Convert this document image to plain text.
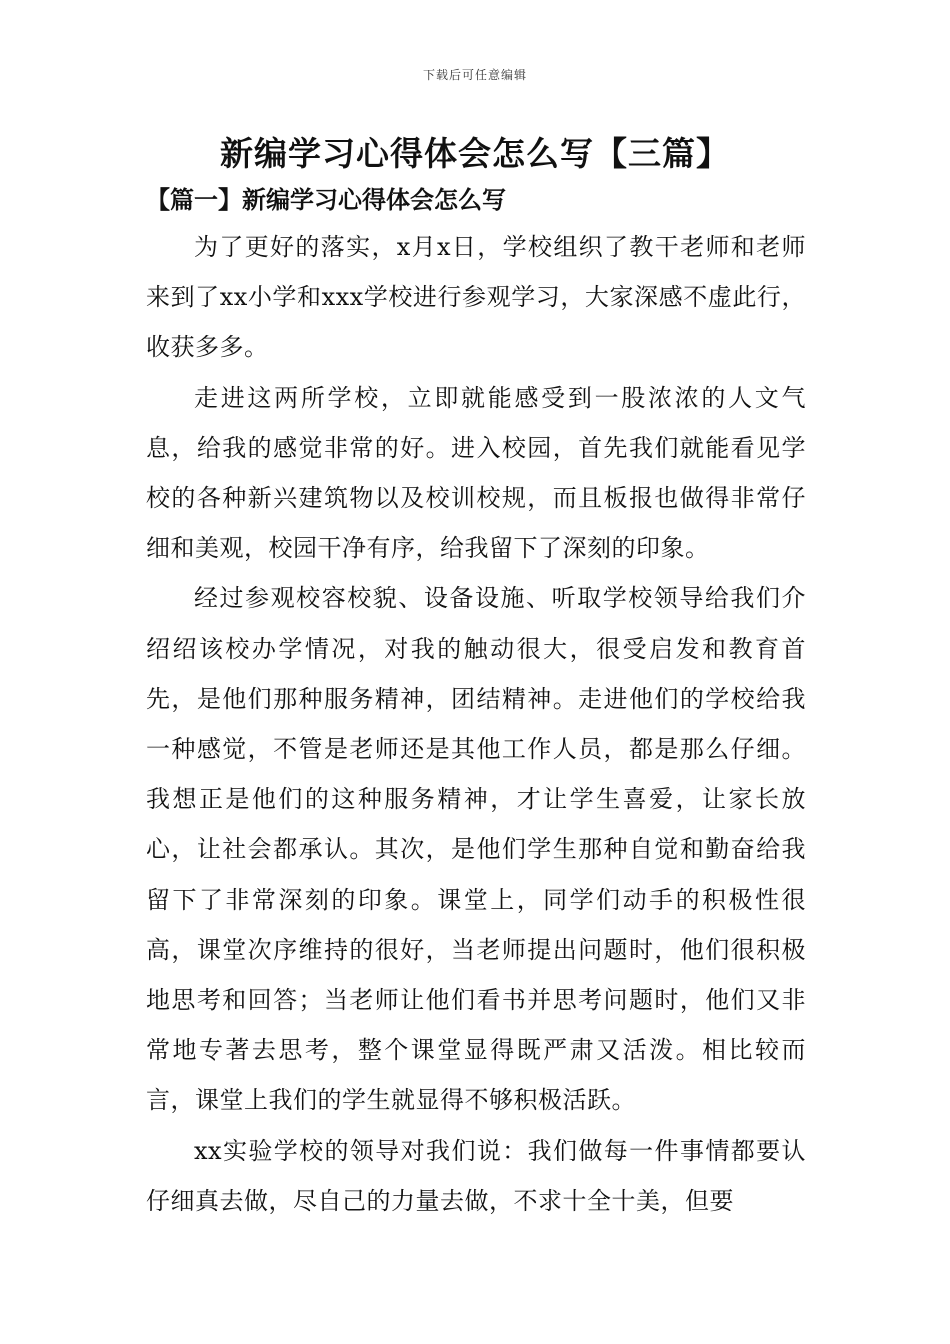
下载后可任意编辑
新编学习心得体会怎么写【三篇】
【篇一】新编学习心得体会怎么写

为了更好的落实，x月x日，学校组织了教干老师和老师来到了xx小学和xxx学校进行参观学习，大家深感不虚此行，收获多多。

走进这两所学校，立即就能感受到一股浓浓的人文气息，给我的感觉非常的好。进入校园，首先我们就能看见学校的各种新兴建筑物以及校训校规，而且板报也做得非常仔细和美观，校园干净有序，给我留下了深刻的印象。

经过参观校容校貌、设备设施、听取学校领导给我们介绍绍该校办学情况，对我的触动很大，很受启发和教育首先，是他们那种服务精神，团结精神。走进他们的学校给我一种感觉，不管是老师还是其他工作人员，都是那么仔细。我想正是他们的这种服务精神，才让学生喜爱，让家长放心，让社会都承认。其次，是他们学生那种自觉和勤奋给我留下了非常深刻的印象。课堂上，同学们动手的积极性很高，课堂次序维持的很好，当老师提出问题时，他们很积极地思考和回答；当老师让他们看书并思考问题时，他们又非常地专著去思考，整个课堂显得既严肃又活泼。相比较而言，课堂上我们的学生就显得不够积极活跃。

xx实验学校的领导对我们说：我们做每一件事情都要认仔细真去做，尽自己的力量去做，不求十全十美，但要
